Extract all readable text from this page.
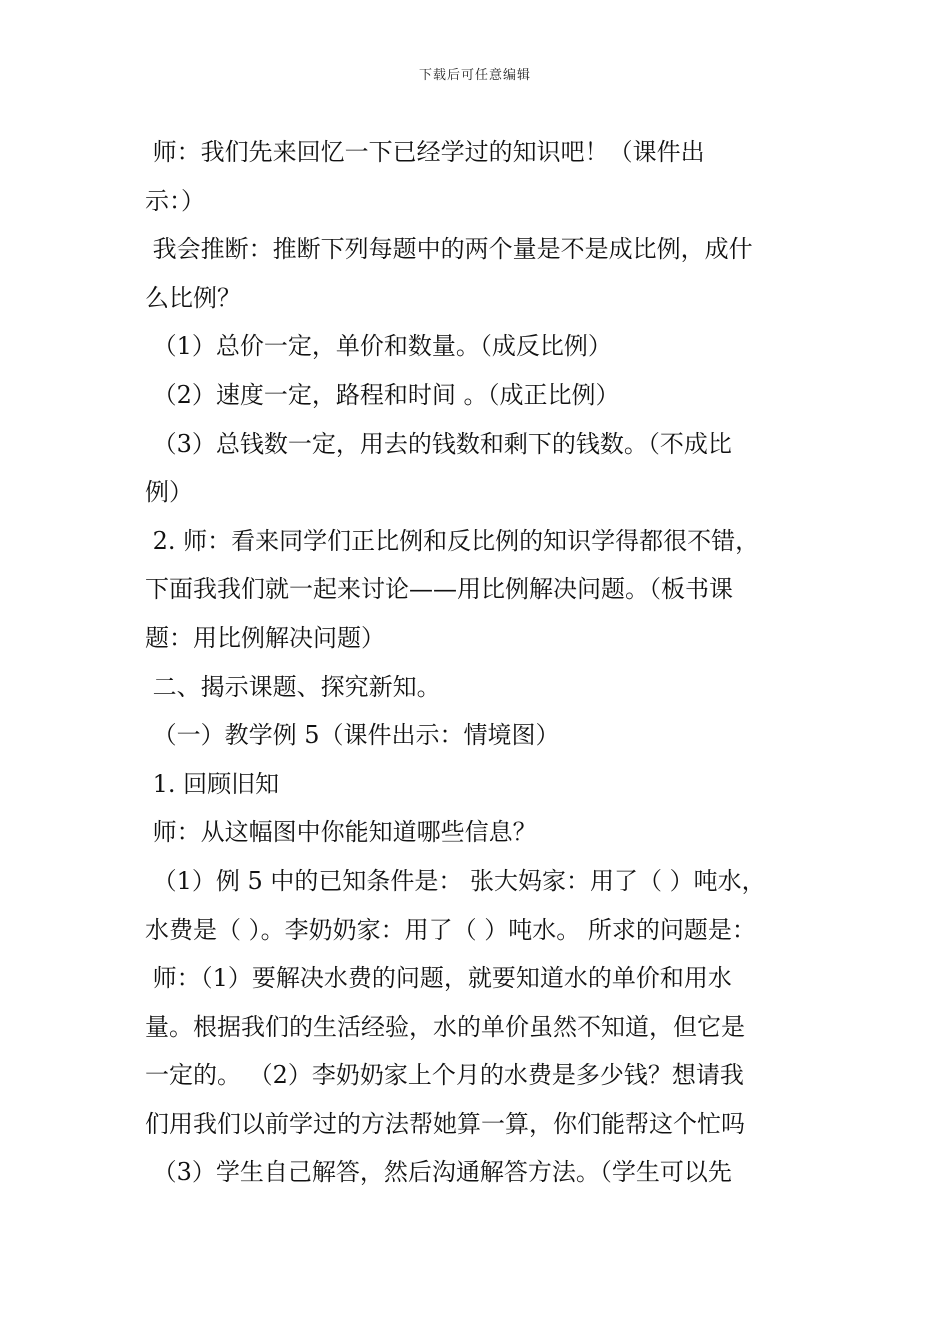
下载后可任意编辑
师：我们先来回忆一下已经学过的知识吧！（课件出
示：）
我会推断：推断下列每题中的两个量是不是成比例，成什
么比例？
（1）总价一定，单价和数量。（成反比例）
（2）速度一定，路程和时间 。（成正比例）
（3）总钱数一定，用去的钱数和剩下的钱数。（不成比
例）
2. 师：看来同学们正比例和反比例的知识学得都很不错，
下面我我们就一起来讨论——用比例解决问题。（板书课
题：用比例解决问题）
二、揭示课题、探究新知。
（一）教学例 5（课件出示：情境图）
1. 回顾旧知
师：从这幅图中你能知道哪些信息？
（1）例 5 中的已知条件是： 张大妈家：用了（ ）吨水，
水费是（ ）。李奶奶家：用了（ ）吨水。 所求的问题是：
师：（1）要解决水费的问题，就要知道水的单价和用水
量。根据我们的生活经验，水的单价虽然不知道，但它是
一定的。 （2）李奶奶家上个月的水费是多少钱？想请我
们用我们以前学过的方法帮她算一算，你们能帮这个忙吗
（3）学生自己解答，然后沟通解答方法。（学生可以先
